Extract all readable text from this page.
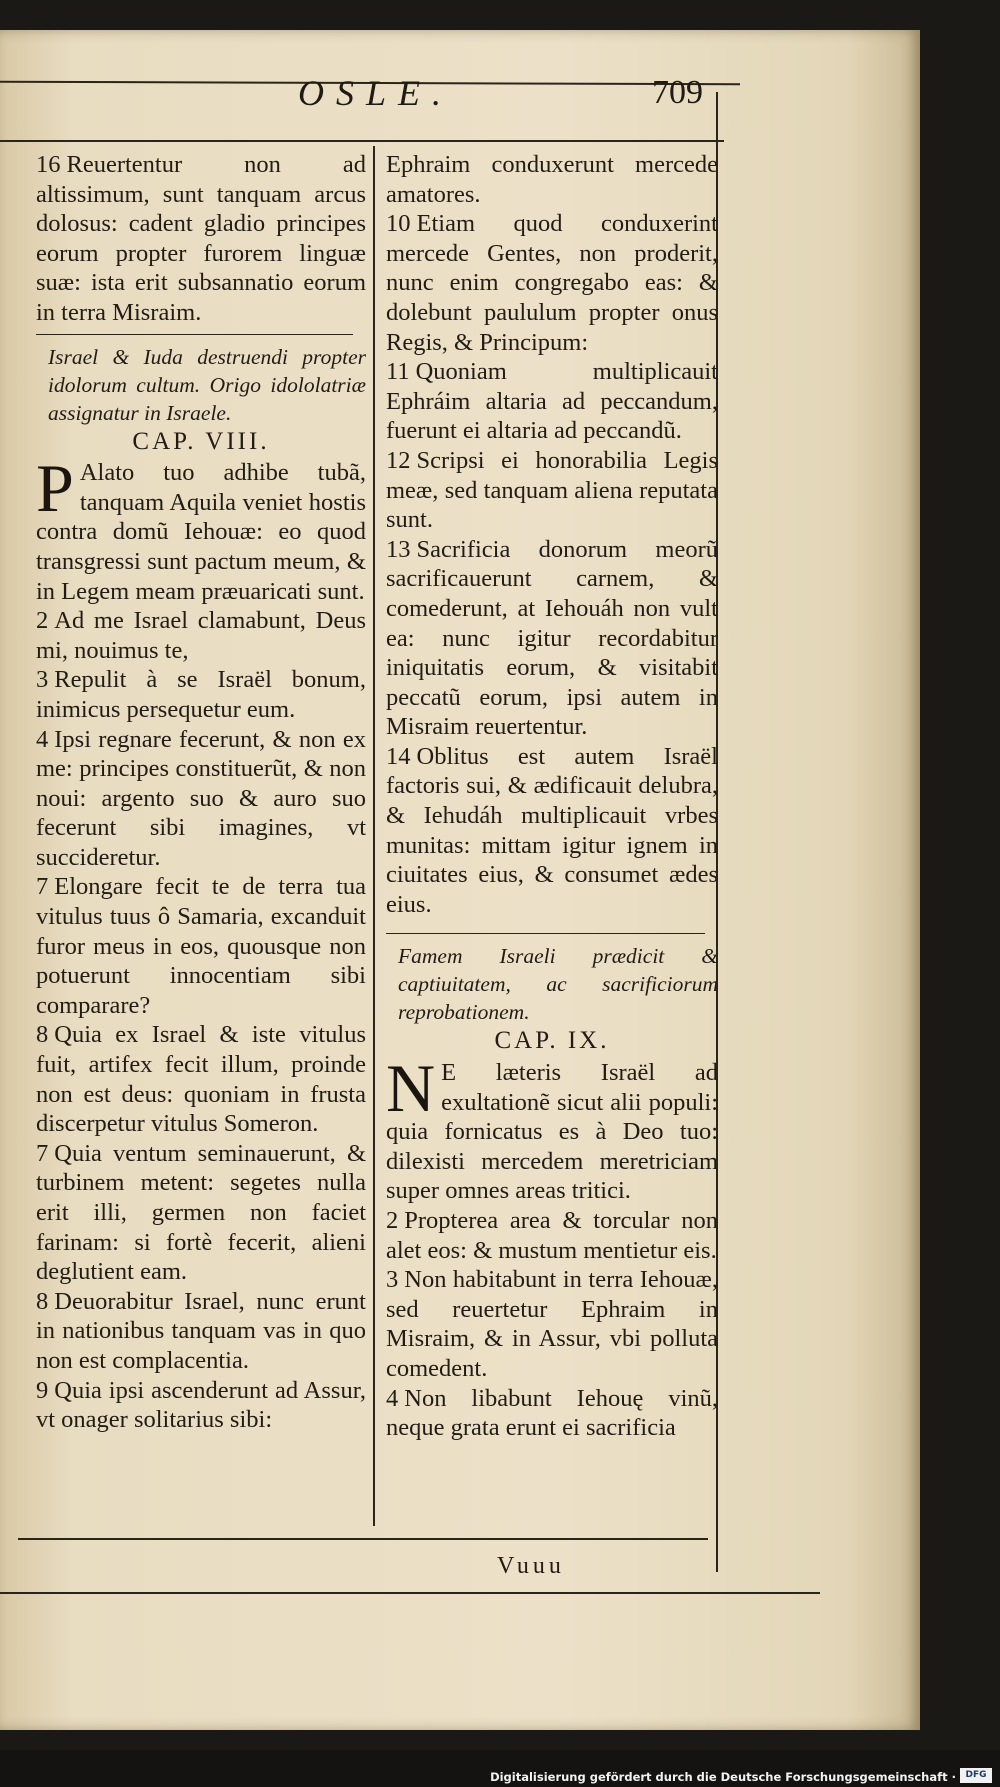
OSLE.	709

16 Reuertentur non ad altissimum, sunt tanquam arcus dolosus: cadent gladio principes eorum propter furorem linguæ suæ: ista erit subsannatio eorum in terra Misraim.

Israel & Iuda destruendi propter idolorum cultum. Origo idololatriæ assignatur in Israele.

CAP. VIII.

P Alato tuo adhibe tubã, tanquam Aquila veniet hostis contra domũ Iehouæ: eo quod transgressi sunt pactum meum, & in Legem meam præuaricati sunt.

2 Ad me Israel clamabunt, Deus mi, nouimus te,

3 Repulit à se Israël bonum, inimicus persequetur eum.

4 Ipsi regnare fecerunt, & non ex me: principes constituerũt, & non noui: argento suo & auro suo fecerunt sibi imagines, vt succideretur.

7 Elongare fecit te de terra tua vitulus tuus ô Samaria, excanduit furor meus in eos, quousque non potuerunt innocentiam sibi comparare?

8 Quia ex Israel & iste vitulus fuit, artifex fecit illum, proinde non est deus: quoniam in frusta discerpetur vitulus Someron.

7 Quia ventum seminauerunt, & turbinem metent: segetes nulla erit illi, germen non faciet farinam: si fortè fecerit, alieni deglutient eam.

8 Deuorabitur Israel, nunc erunt in nationibus tanquam vas in quo non est complacentia.

9 Quia ipsi ascenderunt ad Assur, vt onager solitarius sibi:

Ephraim conduxerunt mercede amatores.

10 Etiam quod conduxerint mercede Gentes, non proderit, nunc enim congregabo eas: & dolebunt paululum propter onus Regis, & Principum:

11 Quoniam multiplicauit Ephráim altaria ad peccandum, fuerunt ei altaria ad peccandũ.

12 Scripsi ei honorabilia Legis meæ, sed tanquam aliena reputata sunt.

13 Sacrificia donorum meorũ sacrificauerunt carnem, & comederunt, at Iehouáh non vult ea: nunc igitur recordabitur iniquitatis eorum, & visitabit peccatũ eorum, ipsi autem in Misraim reuertentur.

14 Oblitus est autem Israël factoris sui, & ædificauit delubra, & Iehudáh multiplicauit vrbes munitas: mittam igitur ignem in ciuitates eius, & consumet ædes eius.

Famem Israeli prædicit & captiuitatem, ac sacrificiorum reprobationem.

CAP. IX.

N E læteris Israël ad exultationẽ sicut alii populi: quia fornicatus es à Deo tuo: dilexisti mercedem meretriciam super omnes areas tritici.

2 Propterea area & torcular non alet eos: & mustum mentietur eis.

3 Non habitabunt in terra Iehouæ, sed reuertetur Ephraim in Misraim, & in Assur, vbi polluta comedent.

4 Non libabunt Iehouę vinũ, neque grata erunt ei sacrificia

Vuuu
Digitalisierung gefördert durch die Deutsche Forschungsgemeinschaft ·	DFG
